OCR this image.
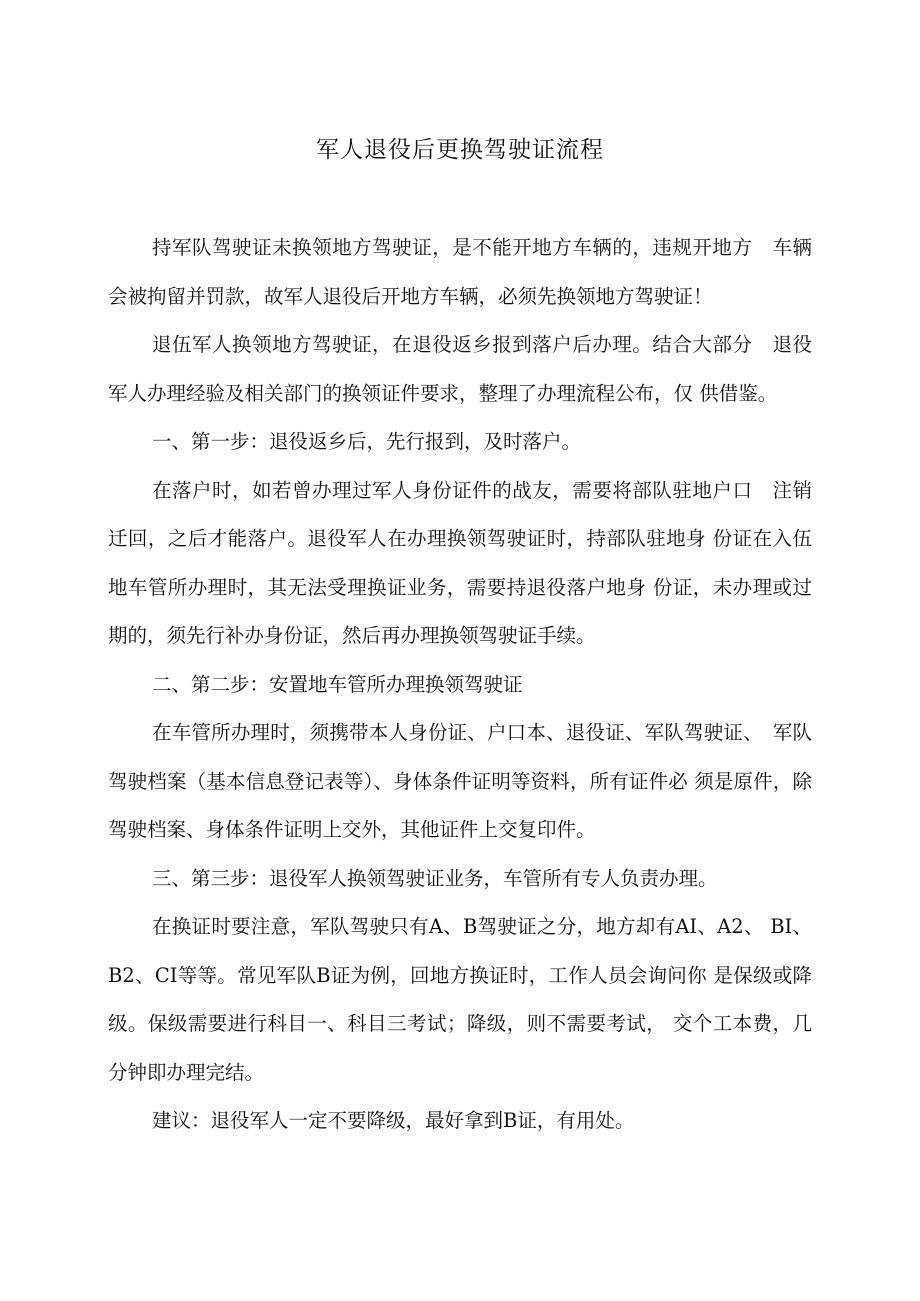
军人退役后更换驾驶证流程

持军队驾驶证未换领地方驾驶证，是不能开地方车辆的，违规开地方　车辆会被拘留并罚款，故军人退役后开地方车辆，必须先换领地方驾驶证！

退伍军人换领地方驾驶证，在退役返乡报到落户后办理。结合大部分　退役军人办理经验及相关部门的换领证件要求，整理了办理流程公布，仅 供借鉴。

一、第一步：退役返乡后，先行报到，及时落户。

在落户时，如若曾办理过军人身份证件的战友，需要将部队驻地户口　注销迁回，之后才能落户。退役军人在办理换领驾驶证时，持部队驻地身 份证在入伍地车管所办理时，其无法受理换证业务，需要持退役落户地身 份证，未办理或过期的，须先行补办身份证，然后再办理换领驾驶证手续。

二、第二步：安置地车管所办理换领驾驶证

在车管所办理时，须携带本人身份证、户口本、退役证、军队驾驶证、　军队驾驶档案（基本信息登记表等）、身体条件证明等资料，所有证件必 须是原件，除驾驶档案、身体条件证明上交外，其他证件上交复印件。

三、第三步：退役军人换领驾驶证业务，车管所有专人负责办理。

在换证时要注意，军队驾驶只有A、B驾驶证之分，地方却有AI、A2、 BI、B2、CI等等。常见军队B证为例，回地方换证时，工作人员会询问你 是保级或降级。保级需要进行科目一、科目三考试；降级，则不需要考试， 交个工本费，几分钟即办理完结。

建议：退役军人一定不要降级，最好拿到B证，有用处。
